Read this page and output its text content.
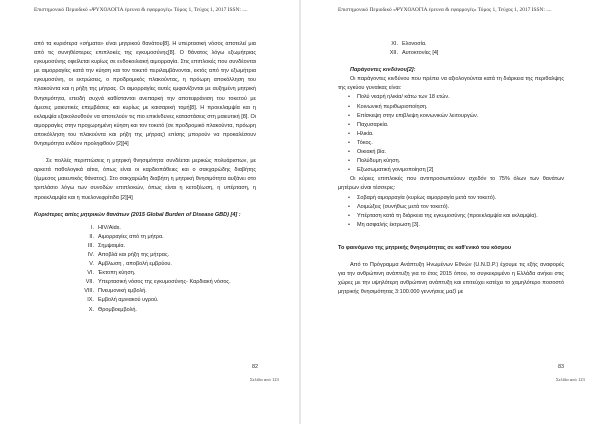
Επιστημονικό Περιοδικό «ΨΥΧΟΛΟΓΙΑ έρευνα & εφαρμογές» Τόμος 1, Τεύχος 1, 2017 ISSN: ....

από τα κυριότερα «σήματα» είναι μητρικού θανάτου[8]. Η υπερτασική νόσος αποτελεί μια από τις συνηθέστερες επιπλοκές της εγκυμοσύνης[8]. Ο θάνατος λόγω εξωμήτριας εγκυμοσύνης οφείλεται κυρίως σε ενδοκοιλιακή αιμορραγία. Στις επιπλοκές που συνδέονται με αιμορραγίες κατά την κύηση και τον τοκετό περιλαμβάνονται, εκτός από την εξωμήτρια εγκυμοσύνη, οι εκτρώσεις, ο προδρομικός πλακούντας, η πρόωρη αποκόλληση του πλακούντα και η ρήξη της μήτρας. Οι αιμορραγίες αυτές εμφανίζονται με αυξημένη μητρική θνησιμότητα, επειδή συχνά καθίστανται ανεπαρκή την αποτεφράνιση του τοκετού με άμεσες μαιευτικές επεμβάσεις και κυρίως με καισαρική τομή[8]. Η προεκλαμψία και η εκλαμψία εξακολουθούν να αποτελούν τις πιο επικίνδυνες καταστάσεις στη μαιευτική [8]. Οι αιμορραγίες στην προχωρημένη κύηση και τον τοκετό (σε προδρομικό πλακούντα, πρόωρη αποκόλληση του πλακούντα και ρήξη της μήτρας) επίσης μπορούν να προκαλέσουν θνησιμότητα ενδέον προληφθούν [2][4]

Σε πολλές περιπτώσεις η μητρική θνησιμότητα συνδέεται μερικώς πολυάριστων, με αρκετά παθολογικά αίτια, όπως είναι οι καρδιοπάθειες και ο σακχαρώδης διαβήτης (έμμεσος μαιευτικός θάνατος). Στο σακχαρώδη διαβήτη η μητρική θνησιμότητα αυξάνει στο τριπλάσιο λόγω των συνοδών επιπλοκών, όπως είναι η κετοξέωση, η υπέρταση, η προεκλαμψία και η πυελονεφρίτιδα [2][4]

Κυριότερες αιτίες μητρικών θανάτων (2015 Global Burden of Disease GBD) [4] :

I. HIV/Aids.
II. Αιμορραγίες από τη μήτρα.
III. Σημψαιμία.
IV. Αποβλά και ρήξη της μήτρας.
V. Αμβλωση , αποβολή εμβρύου.
VI. Έκτοπη κύηση.
VII. Υπερτασική νόσος της εγκυμοσύνης- Καρδιακή νόσος.
VIII. Πνευμονική εμβολή.
IX. Εμβολή αμνιακού υγρού.
X. Θρομβοεμβολή.
82
Σελίδα από 123
Επιστημονικό Περιοδικό «ΨΥΧΟΛΟΓΙΑ έρευνα & εφαρμογές» Τόμος 1, Τεύχος 1, 2017 ISSN: ....
XI. Ελονοσία.
XII. Αυτοκτονίες [4]

Παράγοντες κινδύνου[2]:

Οι παράγοντες κινδύνου που πρέπει να αξιολογούνται κατά τη διάρκεια της περιθαλψης της εγκύου γυναίκας είναι:

•	Πολύ νεαρή ηλικία/ κάτω των 18 ετών.
•	Κοινωνική περιθωριοποίηση.
•	Επίσκεψη στην επιβλεψη κοινωνικών λειτουργών.
•	Παχυσαρκία.
•	Ηλικία.
•	Τόκος.
•	Οικιακή βία.
•	Πολύδυμη κύηση.
•	Εξωσωματική γονιμοποίηση [2]

Οι κύριες επιπλοκές που αντιπροσωπεύουν σχεδόν το 75% όλων των θανάτων μητέρων είναι τέσσερις:

•	Σοβαρή αιμορραγία (κυρίως αιμορραγία μετά τον τοκετό).
•	Λοιμώξεις (συνήθως μετά τον τοκετό).
•	Υπέρταση κατά τη διάρκεια της εγκυμοσύνης (προεκλαμψία και εκλαμψία).
•	Μη ασφαλής έκτρωση [3].

Το φαινόμενο της μητρικής θνησιμότητας σε καθ'ενικό του κόσμου

Από το Πρόγραμμα Ανάπτυξη Ηνωμένων Εθνών (U.N.D.P.) έχουμε τις εξής αναφορές για την ανθρώπινη ανάπτυξη για το έτος 2015 όπου, το συγκεκριμένο η Ελλάδα ανήκει στις χώρες με την υψηλότερη ανθρώπινη ανάπτυξη και επιτεύχει κατέχει το χαμηλότερο ποσοστό μητρικής θνησιμότητας 3:100.000 γεννήσεις μαζί με

83
Σελίδα από 123
